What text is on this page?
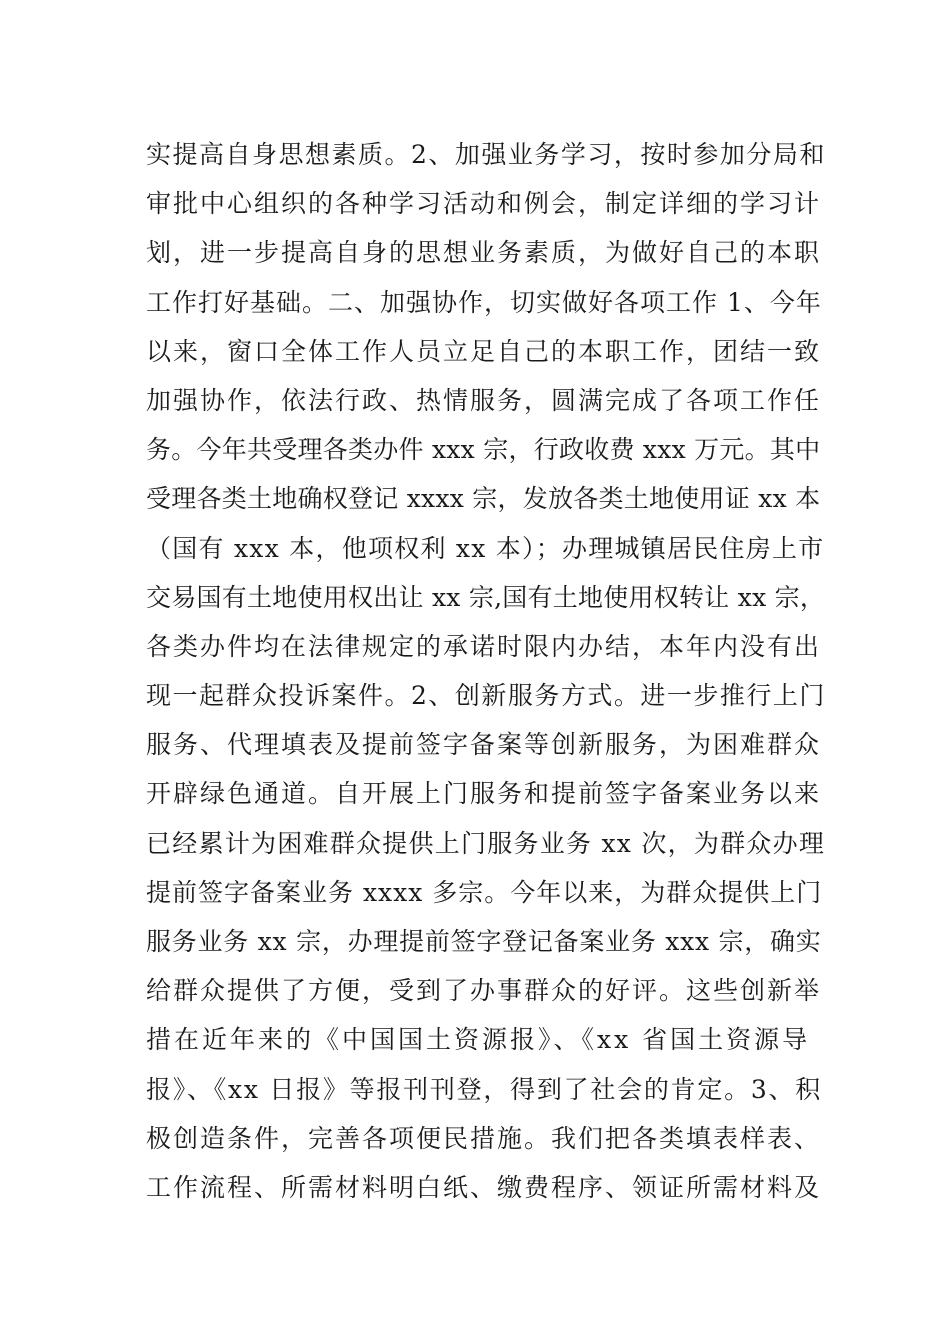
实提高自身思想素质。2、加强业务学习，按时参加分局和
审批中心组织的各种学习活动和例会，制定详细的学习计
划，进一步提高自身的思想业务素质，为做好自己的本职
工作打好基础。二、加强协作，切实做好各项工作 1、今年
以来，窗口全体工作人员立足自己的本职工作，团结一致
加强协作，依法行政、热情服务，圆满完成了各项工作任
务。今年共受理各类办件 xxx 宗，行政收费 xxx 万元。其中
受理各类土地确权登记 xxxx 宗，发放各类土地使用证 xx 本
（国有 xxx 本，他项权利 xx 本）；办理城镇居民住房上市
交易国有土地使用权出让 xx 宗,国有土地使用权转让 xx 宗，
各类办件均在法律规定的承诺时限内办结，本年内没有出
现一起群众投诉案件。2、创新服务方式。进一步推行上门
服务、代理填表及提前签字备案等创新服务，为困难群众
开辟绿色通道。自开展上门服务和提前签字备案业务以来
已经累计为困难群众提供上门服务业务 xx 次，为群众办理
提前签字备案业务 xxxx 多宗。今年以来，为群众提供上门
服务业务 xx 宗，办理提前签字登记备案业务 xxx 宗，确实
给群众提供了方便，受到了办事群众的好评。这些创新举
措在近年来的《中国国土资源报》、《xx 省国土资源导
报》、《xx 日报》等报刊刊登，得到了社会的肯定。3、积
极创造条件，完善各项便民措施。我们把各类填表样表、
工作流程、所需材料明白纸、缴费程序、领证所需材料及
